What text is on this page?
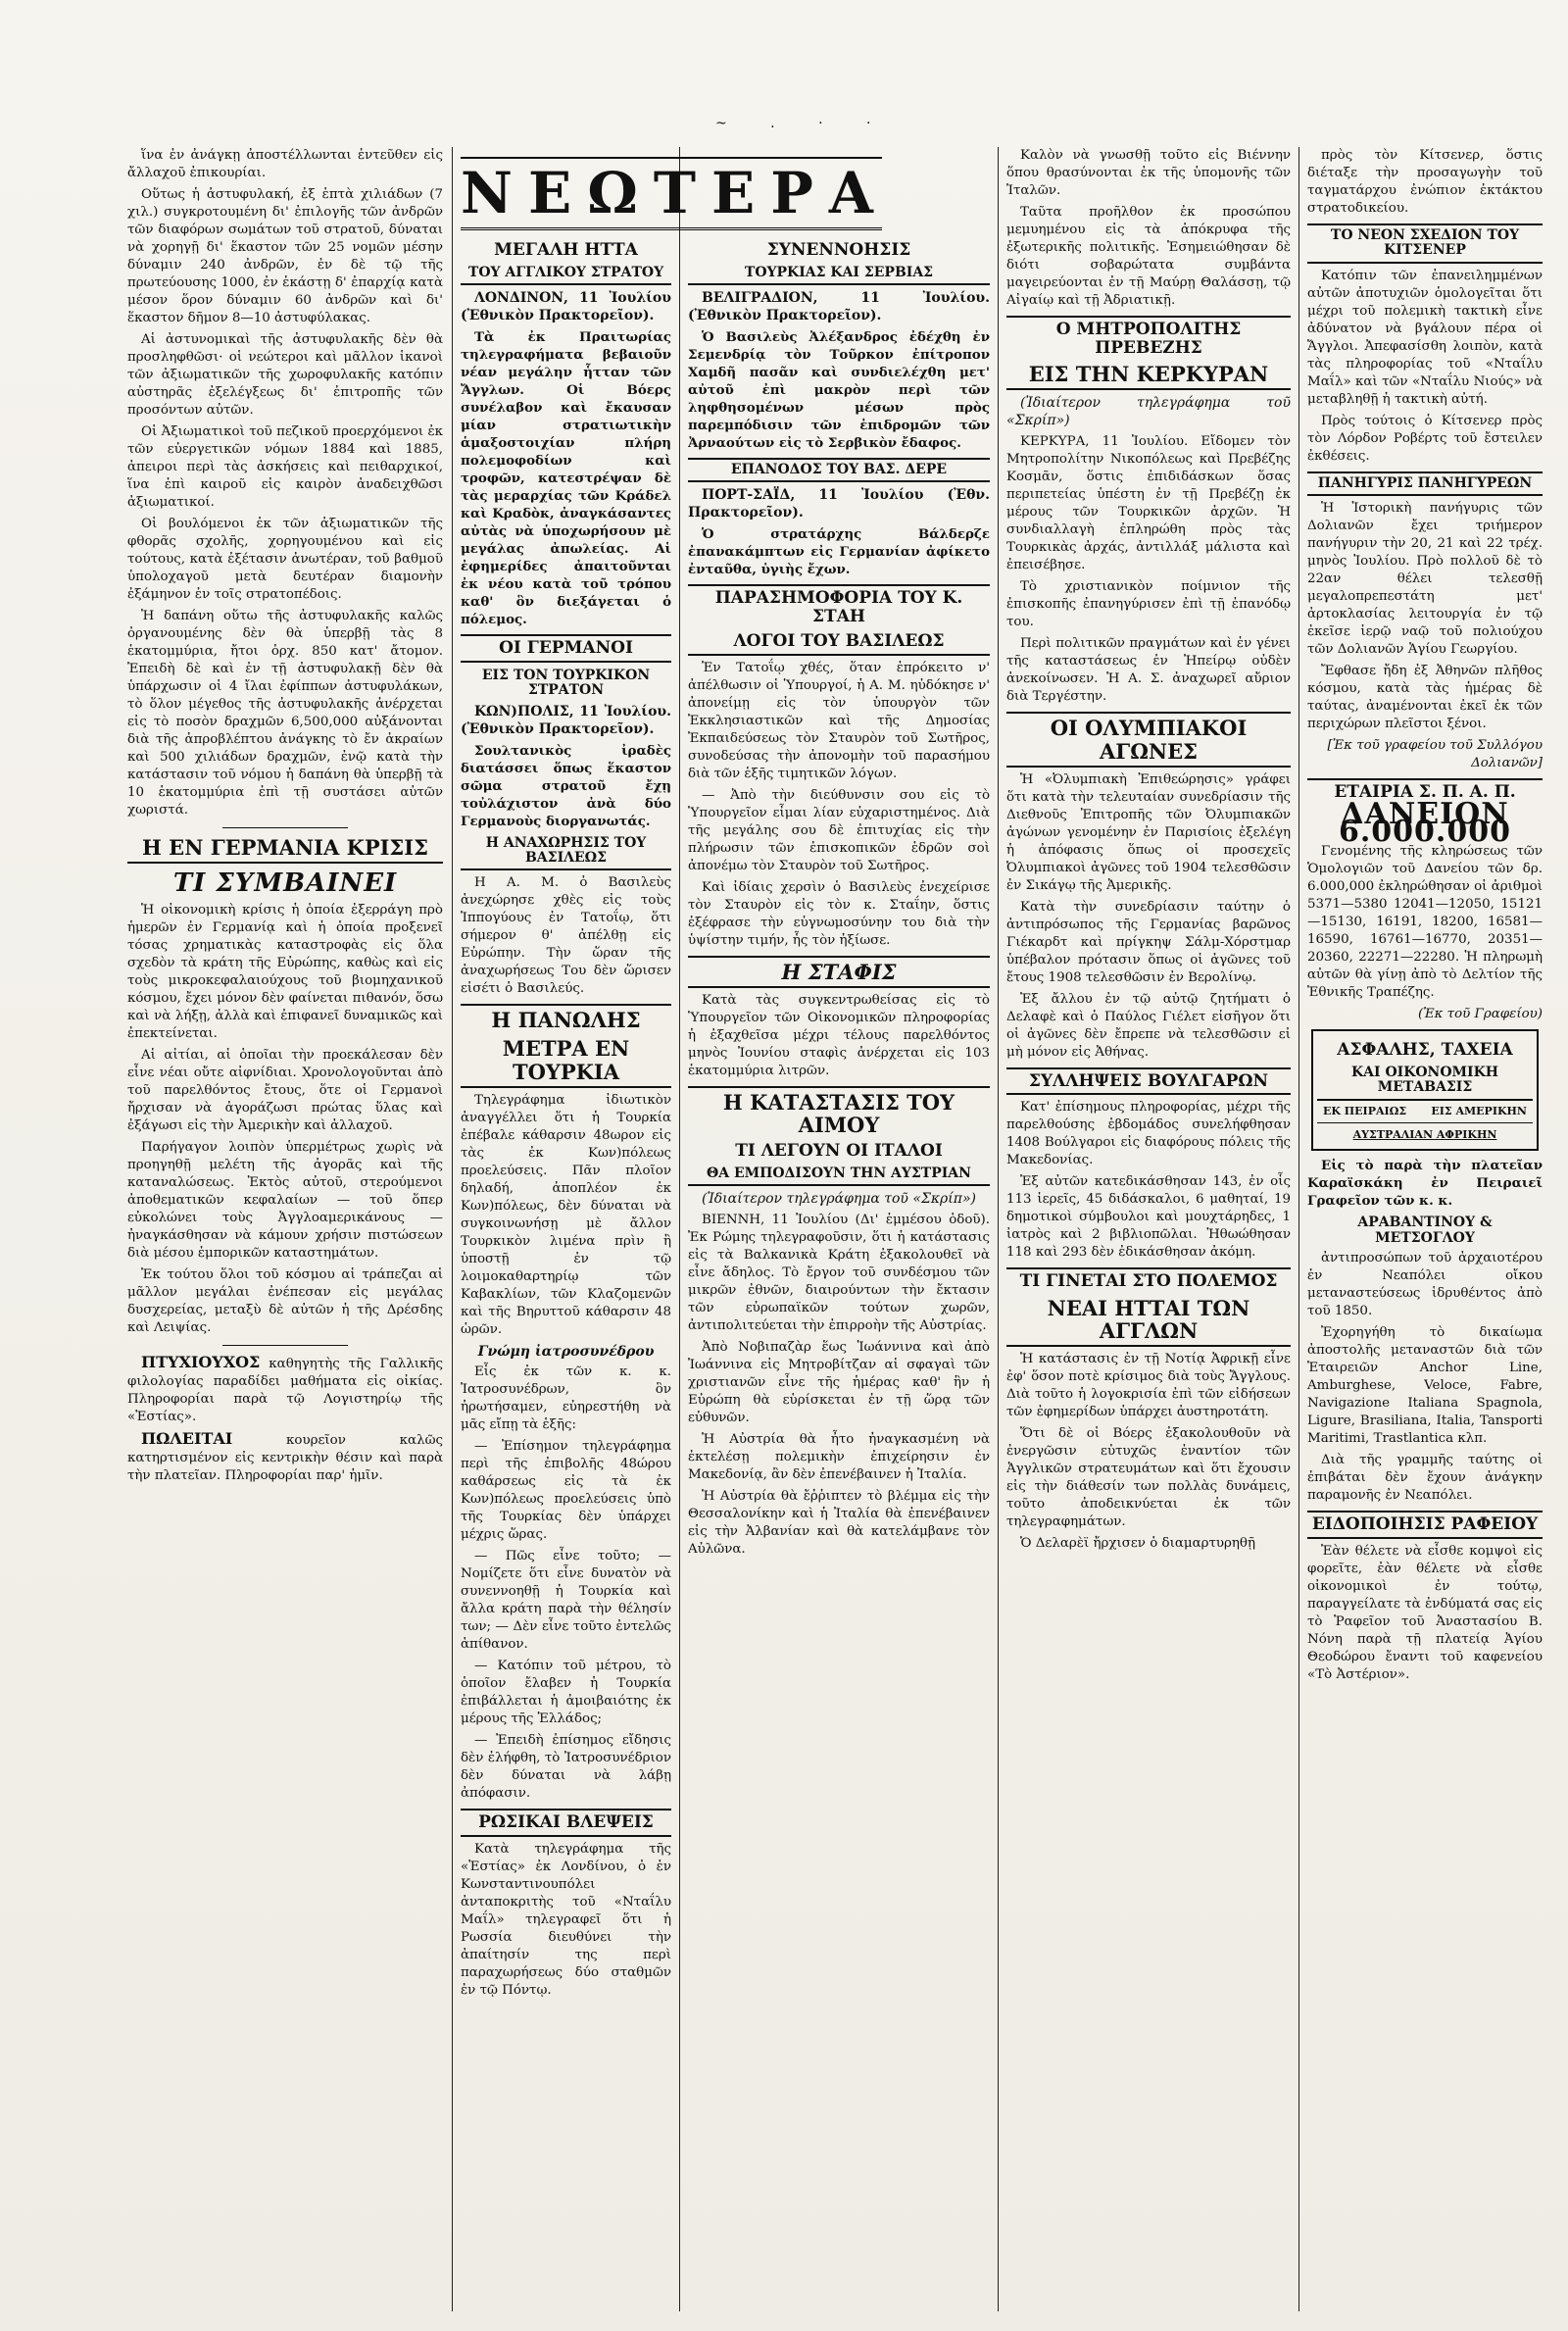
~ . · ·

ἵνα ἐν ἀνάγκῃ ἀποστέλλωνται ἐντεῦθεν εἰς ἄλλαχοῦ ἐπικουρίαι.

Οὕτως ἡ ἀστυφυλακή, ἐξ ἑπτὰ χιλιάδων (7 χιλ.) συγκροτουμένη δι' ἐπιλογῆς τῶν ἀνδρῶν τῶν διαφόρων σωμάτων τοῦ στρατοῦ, δύναται νὰ χορηγῇ δι' ἕκαστον τῶν 25 νομῶν μέσην δύναμιν 240 ἀνδρῶν, ἐν δὲ τῷ τῆς πρωτεύουσης 1000, ἐν ἑκάστῃ δ' ἐπαρχίᾳ κατὰ μέσον ὅρον δύναμιν 60 ἀνδρῶν καὶ δι' ἕκαστον δῆμον 8—10 ἀστυφύλακας.

Αἱ ἀστυνομικαὶ τῆς ἀστυφυλακῆς δὲν θὰ προσληφθῶσι· οἱ νεώτεροι καὶ μᾶλλον ἱκανοὶ τῶν ἀξιωματικῶν τῆς χωροφυλακῆς κατόπιν αὐστηρᾶς ἐξελέγξεως δι' ἐπιτροπῆς τῶν προσόντων αὐτῶν.

Οἱ Ἀξιωματικοὶ τοῦ πεζικοῦ προερχόμενοι ἐκ τῶν εὐεργετικῶν νόμων 1884 καὶ 1885, ἀπειροι περὶ τὰς ἀσκήσεις καὶ πειθαρχικοί, ἵνα ἐπὶ καιροῦ εἰς καιρὸν ἀναδειχθῶσι ἀξιωματικοί.

Οἱ βουλόμενοι ἐκ τῶν ἀξιωματικῶν τῆς φθορᾶς σχολῆς, χορηγουμένου καὶ εἰς τούτους, κατὰ ἐξέτασιν ἀνωτέραν, τοῦ βαθμοῦ ὑπολοχαγοῦ μετὰ δευτέραν διαμονὴν ἐξάμηνον ἐν τοῖς στρατοπέδοις.

Ἡ δαπάνη οὕτω τῆς ἀστυφυλακῆς καλῶς ὀργανουμένης δὲν θὰ ὑπερβῇ τὰς 8 ἑκατομμύρια, ἤτοι ὀρχ. 850 κατ' ἄτομον. Ἐπειδὴ δὲ καὶ ἐν τῇ ἀστυφυλακῇ δὲν θὰ ὑπάρχωσιν οἱ 4 ἴλαι ἐφίππων ἀστυφυλάκων, τὸ ὅλον μέγεθος τῆς ἀστυφυλακῆς ἀνέρχεται εἰς τὸ ποσὸν δραχμῶν 6,500,000 αὐξάνονται διὰ τῆς ἀπροβλέπτου ἀνάγκης τὸ ἔν ἀκραίων καὶ 500 χιλιάδων δραχμῶν, ἐνῷ κατὰ τὴν κατάστασιν τοῦ νόμου ἡ δαπάνη θὰ ὑπερβῇ τὰ 10 ἑκατομμύρια ἐπὶ τῇ συστάσει αὐτῶν χωριστά.

Η ΕΝ ΓΕΡΜΑΝΙΑ ΚΡΙΣΙΣ
ΤΙ ΣΥΜΒΑΙΝΕΙ

Ἡ οἰκονομικὴ κρίσις ἡ ὁποία ἐξερράγη πρὸ ἡμερῶν ἐν Γερμανίᾳ καὶ ἡ ὁποία προξενεῖ τόσας χρηματικὰς καταστροφὰς εἰς ὅλα σχεδὸν τὰ κράτη τῆς Εὐρώπης, καθὼς καὶ εἰς τοὺς μικροκεφαλαιούχους τοῦ βιομηχανικοῦ κόσμου, ἔχει μόνον δὲν φαίνεται πιθανόν, ὅσω καὶ νὰ λήξῃ, ἀλλὰ καὶ ἐπιφανεῖ δυναμικῶς καὶ ἐπεκτείνεται.

Αἱ αἰτίαι, αἱ ὁποῖαι τὴν προεκάλεσαν δὲν εἶνε νέαι οὔτε αἰφνίδιαι. Χρονολογοῦνται ἀπὸ τοῦ παρελθόντος ἔτους, ὅτε οἱ Γερμανοὶ ἤρχισαν νὰ ἀγοράζωσι πρώτας ὕλας καὶ ἐξάγωσι εἰς τὴν Ἀμερικὴν καὶ ἀλλαχοῦ.

Παρήγαγον λοιπὸν ὑπερμέτρως χωρὶς νὰ προηγηθῇ μελέτη τῆς ἀγορᾶς καὶ τῆς καταναλώσεως. Ἐκτὸς αὐτοῦ, στερούμενοι ἀποθεματικῶν κεφαλαίων — τοῦ ὅπερ εὐκολώνει τοὺς Ἀγγλοαμερικάνους — ἠναγκάσθησαν νὰ κάμουν χρήσιν πιστώσεων διὰ μέσου ἐμπορικῶν καταστημάτων.

Ἐκ τούτου ὅλοι τοῦ κόσμου αἱ τράπεζαι αἱ μᾶλλον μεγάλαι ἐνέπεσαν εἰς μεγάλας δυσχερείας, μεταξὺ δὲ αὐτῶν ἡ τῆς Δρέσδης καὶ Λειψίας.

ΠΤΥΧΙΟΥΧΟΣ καθηγητὴς τῆς Γαλλικῆς φιλολογίας παραδίδει μαθήματα εἰς οἰκίας. Πληροφορίαι παρὰ τῷ Λογιστηρίῳ τῆς «Ἑστίας».

ΠΩΛΕΙΤΑΙ	κουρεῖον καλῶς κατηρτισμένον εἰς κεντρικὴν θέσιν καὶ παρὰ τὴν πλατεῖαν. Πληροφορίαι παρ' ἡμῖν.

ΝΕΩΤΕΡΑ
ΜΕΓΑΛΗ ΗΤΤΑ
ΤΟΥ ΑΓΓΛΙΚΟΥ ΣΤΡΑΤΟΥ

ΛΟΝΔΙΝΟΝ, 11 Ἰουλίου (Ἐθνικὸν Πρακτορεῖον).

Τὰ ἐκ Πραιτωρίας τηλεγραφήματα βεβαιοῦν νέαν μεγάλην ἧτταν τῶν Ἄγγλων. Οἱ Βόερς συνέλαβον καὶ ἔκαυσαν μίαν στρατιωτικὴν ἁμαξοστοιχίαν πλήρη πολεμοφοδίων καὶ τροφῶν, κατεστρέψαν δὲ τὰς μεραρχίας τῶν Κράδελ καὶ Κραδὸκ, ἀναγκάσαντες αὐτὰς νὰ ὑποχωρήσουν μὲ μεγάλας ἀπωλείας. Αἱ ἐφημερίδες ἀπαιτοῦνται ἐκ νέου κατὰ τοῦ τρόπου καθ' ὃν διεξάγεται ὁ πόλεμος.

ΟΙ ΓΕΡΜΑΝΟΙ
ΕΙΣ ΤΟΝ ΤΟΥΡΚΙΚΟΝ ΣΤΡΑΤΟΝ

ΚΩΝ)ΠΟΛΙΣ, 11 Ἰουλίου. (Ἐθνικὸν Πρακτορεῖον).

Σουλτανικὸς ἰραδὲς διατάσσει ὅπως ἕκαστον σῶμα στρατοῦ ἔχῃ τοὐλάχιστον ἀνὰ δύο Γερμανοὺς διοργανωτάς.

Η ΑΝΑΧΩΡΗΣΙΣ ΤΟΥ ΒΑΣΙΛΕΩΣ

Η Α. Μ. ὁ Βασιλεὺς ἀνεχώρησε χθὲς εἰς τοὺς Ἱππογύους ἐν Τατοΐῳ, ὅτι σήμερον θ' ἀπέλθῃ εἰς Εὐρώπην. Τὴν ὥραν τῆς ἀναχωρήσεως Του δὲν ὥρισεν εἰσέτι ὁ Βασιλεύς.

Η ΠΑΝΩΛΗΣ
ΜΕΤΡΑ ΕΝ ΤΟΥΡΚΙΑ

Τηλεγράφημα ἰδιωτικὸν ἀναγγέλλει ὅτι ἡ Τουρκία ἐπέβαλε κάθαρσιν 48ωρον εἰς τὰς ἐκ Κων)πόλεως προελεύσεις. Πᾶν πλοῖον δηλαδή, ἀποπλέον ἐκ Κων)πόλεως, δὲν δύναται νὰ συγκοινωνήσῃ μὲ ἄλλον Τουρκικὸν λιμένα πρὶν ἢ ὑποστῇ ἐν τῷ λοιμοκαθαρτηρίῳ τῶν Καβακλίων, τῶν Κλαζομενῶν καὶ τῆς Βηρυττοῦ κάθαρσιν 48 ὡρῶν.

Γνώμη ἰατροσυνέδρου

Εἷς ἐκ τῶν κ. κ. Ἰατροσυνέδρων, ὃν ἠρωτήσαμεν, εὐηρεστήθη νὰ μᾶς εἴπῃ τὰ ἑξῆς:

— Ἐπίσημον τηλεγράφημα περὶ τῆς ἐπιβολῆς 48ώρου καθάρσεως εἰς τὰ ἐκ Κων)πόλεως προελεύσεις ὑπὸ τῆς Τουρκίας δὲν ὑπάρχει μέχρις ὥρας.

— Πῶς εἶνε τοῦτο; — Νομίζετε ὅτι εἶνε δυνατὸν νὰ συνεννοηθῇ ἡ Τουρκία καὶ ἄλλα κράτη παρὰ τὴν θέλησίν των; — Δὲν εἶνε τοῦτο ἐντελῶς ἀπίθανον.

— Κατόπιν τοῦ μέτρου, τὸ ὁποῖον ἔλαβεν ἡ Τουρκία ἐπιβάλλεται ἡ ἀμοιβαιότης ἐκ μέρους τῆς Ἑλλάδος;

— Ἐπειδὴ ἐπίσημος εἴδησις δὲν ἐλήφθη, τὸ Ἰατροσυνέδριον δὲν δύναται νὰ λάβῃ ἀπόφασιν.

ΡΩΣΙΚΑΙ ΒΛΕΨΕΙΣ

Κατὰ τηλεγράφημα τῆς «Ἑστίας» ἐκ Λονδίνου, ὁ ἐν Κωνσταντινουπόλει ἀνταποκριτὴς τοῦ «Νταΐλυ Μαΐλ» τηλεγραφεῖ ὅτι ἡ Ρωσσία διευθύνει τὴν ἀπαίτησίν της περὶ παραχωρήσεως δύο σταθμῶν ἐν τῷ Πόντῳ.

ΣΥΝΕΝΝΟΗΣΙΣ
ΤΟΥΡΚΙΑΣ ΚΑΙ ΣΕΡΒΙΑΣ

ΒΕΛΙΓΡΑΔΙΟΝ, 11 Ἰουλίου. (Ἐθνικὸν Πρακτορεῖον).

Ὁ Βασιλεὺς Ἀλέξανδρος ἐδέχθη ἐν Σεμενδρίᾳ τὸν Τοῦρκον ἐπίτροπον Χαμδῆ πασᾶν καὶ συνδιελέχθη μετ' αὐτοῦ ἐπὶ μακρὸν περὶ τῶν ληφθησομένων μέσων πρὸς παρεμπόδισιν τῶν ἐπιδρομῶν τῶν Ἀρναούτων εἰς τὸ Σερβικὸν ἔδαφος.

ΕΠΑΝΟΔΟΣ ΤΟΥ ΒΑΣ. ΔΕΡΕ

ΠΟΡΤ-ΣΑΪΔ, 11 Ἰουλίου (Ἐθν. Πρακτορεῖον).

Ὁ στρατάρχης Βάλδερζε ἐπανακάμπτων εἰς Γερμανίαν ἀφίκετο ἐνταῦθα, ὑγιὴς ἔχων.

ΠΑΡΑΣΗΜΟΦΟΡΙΑ ΤΟΥ Κ. ΣΤΑΗ
ΛΟΓΟΙ ΤΟΥ ΒΑΣΙΛΕΩΣ

Ἐν Τατοΐῳ χθές, ὅταν ἐπρόκειτο ν' ἀπέλθωσιν οἱ Ὑπουργοί, ἡ Α. Μ. ηὐδόκησε ν' ἀπονείμῃ εἰς τὸν ὑπουργὸν τῶν Ἐκκλησιαστικῶν καὶ τῆς Δημοσίας Ἐκπαιδεύσεως τὸν Σταυρὸν τοῦ Σωτῆρος, συνοδεύσας τὴν ἀπονομὴν τοῦ παρασήμου διὰ τῶν ἑξῆς τιμητικῶν λόγων.

— Ἀπὸ τὴν διεύθυνσιν σου εἰς τὸ Ὑπουργεῖον εἶμαι λίαν εὐχαριστημένος. Διὰ τῆς μεγάλης σου δὲ ἐπιτυχίας εἰς τὴν πλήρωσιν τῶν ἐπισκοπικῶν ἑδρῶν σοὶ ἀπονέμω τὸν Σταυρὸν τοῦ Σωτῆρος.

Καὶ ἰδίαις χερσὶν ὁ Βασιλεὺς ἐνεχείρισε τὸν Σταυρὸν εἰς τὸν κ. Σταΐην, ὅστις ἐξέφρασε τὴν εὐγνωμοσύνην του διὰ τὴν ὑψίστην τιμήν, ἧς τὸν ἠξίωσε.

Η ΣΤΑΦΙΣ

Κατὰ τὰς συγκεντρωθείσας εἰς τὸ Ὑπουργεῖον τῶν Οἰκονομικῶν πληροφορίας ἡ ἐξαχθεῖσα μέχρι τέλους παρελθόντος μηνὸς Ἰουνίου σταφὶς ἀνέρχεται εἰς 103 ἑκατομμύρια λιτρῶν.

Η ΚΑΤΑΣΤΑΣΙΣ ΤΟΥ ΑΙΜΟΥ
ΤΙ ΛΕΓΟΥΝ ΟΙ ΙΤΑΛΟΙ
ΘΑ ΕΜΠΟΔΙΣΟΥΝ ΤΗΝ ΑΥΣΤΡΙΑΝ

(Ἰδιαίτερον τηλεγράφημα τοῦ «Σκρίπ»)

ΒΙΕΝΝΗ, 11 Ἰουλίου (Δι' ἑμμέσου ὁδοῦ). Ἐκ Ρώμης τηλεγραφοῦσιν, ὅτι ἡ κατάστασις εἰς τὰ Βαλκανικὰ Κράτη ἐξακολουθεῖ νὰ εἶνε ἄδηλος. Τὸ ἔργον τοῦ συνδέσμου τῶν μικρῶν ἐθνῶν, διαιρούντων τὴν ἔκτασιν τῶν εὐρωπαϊκῶν τούτων χωρῶν, ἀντιπολιτεύεται τὴν ἐπιρροὴν τῆς Αὐστρίας.

Ἀπὸ Νοβιπαζὰρ ἕως Ἰωάννινα καὶ ἀπὸ Ἰωάννινα εἰς Μητροβίτζαν αἱ σφαγαὶ τῶν χριστιανῶν εἶνε τῆς ἡμέρας καθ' ἣν ἡ Εὐρώπη θὰ εὑρίσκεται ἐν τῇ ὥρᾳ τῶν εὐθυνῶν.

Ἡ Αὐστρία θὰ ἦτο ἠναγκασμένη νὰ ἐκτελέσῃ πολεμικὴν ἐπιχείρησιν ἐν Μακεδονίᾳ, ἂν δὲν ἐπενέβαινεν ἡ Ἰταλία.

Ἡ Αὐστρία θὰ ἔῤῥιπτεν τὸ βλέμμα εἰς τὴν Θεσσαλονίκην καὶ ἡ Ἰταλία θὰ ἐπενέβαινεν εἰς τὴν Ἀλβανίαν καὶ θὰ κατελάμβανε τὸν Αὐλῶνα.

Καλὸν νὰ γνωσθῇ τοῦτο εἰς Βιέννην ὅπου θρασύνονται ἐκ τῆς ὑπομονῆς τῶν Ἰταλῶν.

Ταῦτα προῆλθον ἐκ προσώπου μεμυημένου εἰς τὰ ἀπόκρυφα τῆς ἐξωτερικῆς πολιτικῆς. Ἐσημειώθησαν δὲ διότι σοβαρώτατα συμβάντα μαγειρεύονται ἐν τῇ Μαύρῃ Θαλάσσῃ, τῷ Αἰγαίῳ καὶ τῇ Ἀδριατικῇ.

Ο ΜΗΤΡΟΠΟΛΙΤΗΣ ΠΡΕΒΕΖΗΣ
ΕΙΣ ΤΗΝ ΚΕΡΚΥΡΑΝ

(Ἰδιαίτερον τηλεγράφημα τοῦ «Σκρίπ»)

ΚΕΡΚΥΡΑ, 11 Ἰουλίου. Εἴδομεν τὸν Μητροπολίτην Νικοπόλεως καὶ Πρεβέζης Κοσμᾶν, ὅστις ἐπιδιδάσκων ὅσας περιπετείας ὑπέστη ἐν τῇ Πρεβέζῃ ἐκ μέρους τῶν Τουρκικῶν ἀρχῶν. Ἡ συνδιαλλαγὴ ἐπληρώθη πρὸς τὰς Τουρκικὰς ἀρχάς, ἀντιλλάξ μάλιστα καὶ ἐπεισέβησε.

Τὸ χριστιανικὸν ποίμνιον τῆς ἐπισκοπῆς ἐπανηγύρισεν ἐπὶ τῇ ἐπανόδῳ του.

Περὶ πολιτικῶν πραγμάτων καὶ ἐν γένει τῆς καταστάσεως ἐν Ἠπείρῳ οὐδὲν ἀνεκοίνωσεν. Ἡ Α. Σ. ἀναχωρεῖ αὔριον διὰ Τεργέστην.

ΟΙ ΟΛΥΜΠΙΑΚΟΙ ΑΓΩΝΕΣ

Ἡ «Ὀλυμπιακὴ Ἐπιθεώρησις» γράφει ὅτι κατὰ τὴν τελευταίαν συνεδρίασιν τῆς Διεθνοῦς Ἐπιτροπῆς τῶν Ὀλυμπιακῶν ἀγώνων γενομένην ἐν Παρισίοις ἐξελέγη ἡ ἀπόφασις ὅπως οἱ προσεχεῖς Ὀλυμπιακοὶ ἀγῶνες τοῦ 1904 τελεσθῶσιν ἐν Σικάγῳ τῆς Ἀμερικῆς.

Κατὰ τὴν συνεδρίασιν ταύτην ὁ ἀντιπρόσωπος τῆς Γερμανίας βαρῶνος Γιέκαρδτ καὶ πρίγκηψ Σάλμ-Χόρστμαρ ὑπέβαλον πρότασιν ὅπως οἱ ἀγῶνες τοῦ ἔτους 1908 τελεσθῶσιν ἐν Βερολίνῳ.

Ἐξ ἄλλου ἐν τῷ αὐτῷ ζητήματι ὁ Δελαφὲ καὶ ὁ Παύλος Γιέλετ εἰσῆγον ὅτι οἱ ἀγῶνες δὲν ἔπρεπε νὰ τελεσθῶσιν εἰ μὴ μόνον εἰς Ἀθήνας.

ΣΥΛΛΗΨΕΙΣ ΒΟΥΛΓΑΡΩΝ

Κατ' ἐπίσημους πληροφορίας, μέχρι τῆς παρελθούσης ἑβδομάδος συνελήφθησαν 1408 Βούλγαροι εἰς διαφόρους πόλεις τῆς Μακεδονίας.

Ἐξ αὐτῶν κατεδικάσθησαν 143, ἐν οἷς 113 ἱερεῖς, 45 διδάσκαλοι, 6 μαθηταί, 19 δημοτικοὶ σύμβουλοι καὶ μουχτάρηδες, 1 ἰατρὸς καὶ 2 βιβλιοπῶλαι. Ἠθωώθησαν 118 καὶ 293 δὲν ἐδικάσθησαν ἀκόμη.

ΤΙ ΓΙΝΕΤΑΙ ΣΤΟ ΠΟΛΕΜΟΣ
ΝΕΑΙ ΗΤΤΑΙ ΤΩΝ ΑΓΓΛΩΝ

Ἡ κατάστασις ἐν τῇ Νοτίᾳ Ἀφρικῇ εἶνε ἐφ' ὅσον ποτὲ κρίσιμος διὰ τοὺς Ἄγγλους. Διὰ τοῦτο ἡ λογοκρισία ἐπὶ τῶν εἰδήσεων τῶν ἐφημερίδων ὑπάρχει ἀυστηροτάτη.

Ὅτι δὲ οἱ Βόερς ἐξακολουθοῦν νὰ ἐνεργῶσιν εὐτυχῶς ἐναντίον τῶν Ἀγγλικῶν στρατευμάτων καὶ ὅτι ἔχουσιν εἰς τὴν διάθεσίν των πολλὰς δυνάμεις, τοῦτο ἀποδεικνύεται ἐκ τῶν τηλεγραφημάτων.

Ὁ Δελαρὲϊ ἤρχισεν ὁ διαμαρτυρηθῇ

πρὸς τὸν Κίτσενερ, ὅστις διέταξε τὴν προσαγωγὴν τοῦ ταγματάρχου ἐνώπιον ἐκτάκτου στρατοδικείου.

ΤΟ ΝΕΟΝ ΣΧΕΔΙΟΝ ΤΟΥ ΚΙΤΣΕΝΕΡ

Κατόπιν τῶν ἐπανειλημμένων αὐτῶν ἀποτυχιῶν ὁμολογεῖται ὅτι μέχρι τοῦ πολεμικὴ τακτικὴ εἶνε ἀδύνατον νὰ βγάλουν πέρα οἱ Ἄγγλοι. Ἀπεφασίσθη λοιπὸν, κατὰ τὰς πληροφορίας τοῦ «Νταΐλυ Μαΐλ» καὶ τῶν «Νταΐλυ Νιούς» νὰ μεταβληθῇ ἡ τακτικὴ αὐτή.

Πρὸς τούτοις ὁ Κίτσενερ πρὸς τὸν Λόρδον Ροβέρτς τοῦ ἔστειλεν ἐκθέσεις.

ΠΑΝΗΓΥΡΙΣ ΠΑΝΗΓΥΡΕΩΝ

Ἡ Ἱστορικὴ πανήγυρις τῶν Δολιανῶν ἔχει τριήμερον πανήγυριν τὴν 20, 21 καὶ 22 τρέχ. μηνὸς Ἰουλίου. Πρὸ πολλοῦ δὲ τὸ 22αν θέλει τελεσθῇ μεγαλοπρεπεστάτη μετ' ἀρτοκλασίας λειτουργία ἐν τῷ ἐκεῖσε ἱερῷ ναῷ τοῦ πολιούχου τῶν Δολιανῶν Ἁγίου Γεωργίου.

Ἔφθασε ἤδη ἐξ Ἀθηνῶν πλῆθος κόσμου, κατὰ τὰς ἡμέρας δὲ ταύτας, ἀναμένονται ἐκεῖ ἐκ τῶν περιχώρων πλεῖστοι ξένοι.

[Ἐκ τοῦ γραφείου τοῦ Συλλόγου Δολιανῶν]

ΕΤΑΙΡΙΑ Σ. Π. Α. Π.
ΔΑΝΕΙΟΝ 6.000.000

Γενομένης τῆς κληρώσεως τῶν Ὁμολογιῶν τοῦ Δανείου τῶν δρ. 6.000,000 ἐκληρώθησαν οἱ ἀριθμοὶ 5371—5380 12041—12050, 15121—15130, 16191, 18200, 16581—16590, 16761—16770, 20351—20360, 22271—22280. Ἡ πληρωμὴ αὐτῶν θὰ γίνῃ ἀπὸ τὸ Δελτίον τῆς Ἐθνικῆς Τραπέζης.

(Ἐκ τοῦ Γραφείου)

ΑΣΦΑΛΗΣ, ΤΑΧΕΙΑ
ΚΑΙ ΟΙΚΟΝΟΜΙΚΗ ΜΕΤΑΒΑΣΙΣ
ΕΚ ΠΕΙΡΑΙΩΣ ΕΙΣ ΑΜΕΡΙΚΗΝ
ΑΥΣΤΡΑΛΙΑΝ ΑΦΡΙΚΗΝ

Εἰς τὸ παρὰ τὴν πλατεῖαν Καραϊσκάκη ἐν Πειραιεῖ Γραφεῖον τῶν κ. κ.

ΑΡΑΒΑΝΤΙΝΟΥ & ΜΕΤΣΟΓΛΟΥ

ἀντιπροσώπων τοῦ ἀρχαιοτέρου ἐν Νεαπόλει οἴκου μεταναστεύσεως ἱδρυθέντος ἀπὸ τοῦ 1850.

Ἐχορηγήθη τὸ δικαίωμα ἀποστολῆς μεταναστῶν διὰ τῶν Ἑταιρειῶν Anchor Line, Amburghese, Veloce, Fabre, Navigazione Italiana Spagnola, Ligure, Brasiliana, Italia, Tansporti Maritimi, Trastlantica κλπ.

Διὰ τῆς γραμμῆς ταύτης οἱ ἐπιβάται δὲν ἔχουν ἀνάγκην παραμονῆς ἐν Νεαπόλει.

ΕΙΔΟΠΟΙΗΣΙΣ ΡΑΦΕΙΟΥ

Ἐὰν θέλετε νὰ εἶσθε κομψοὶ εἰς φορεῖτε, ἐὰν θέλετε νὰ εἶσθε οἰκονομικοὶ ἐν τούτῳ, παραγγείλατε τὰ ἐνδύματά σας εἰς τὸ Ῥαφεῖον τοῦ Ἀναστασίου Β. Νόνη παρὰ τῇ πλατείᾳ Ἀγίου Θεοδώρου ἔναντι τοῦ καφενείου «Τὸ Ἀστέριον».
